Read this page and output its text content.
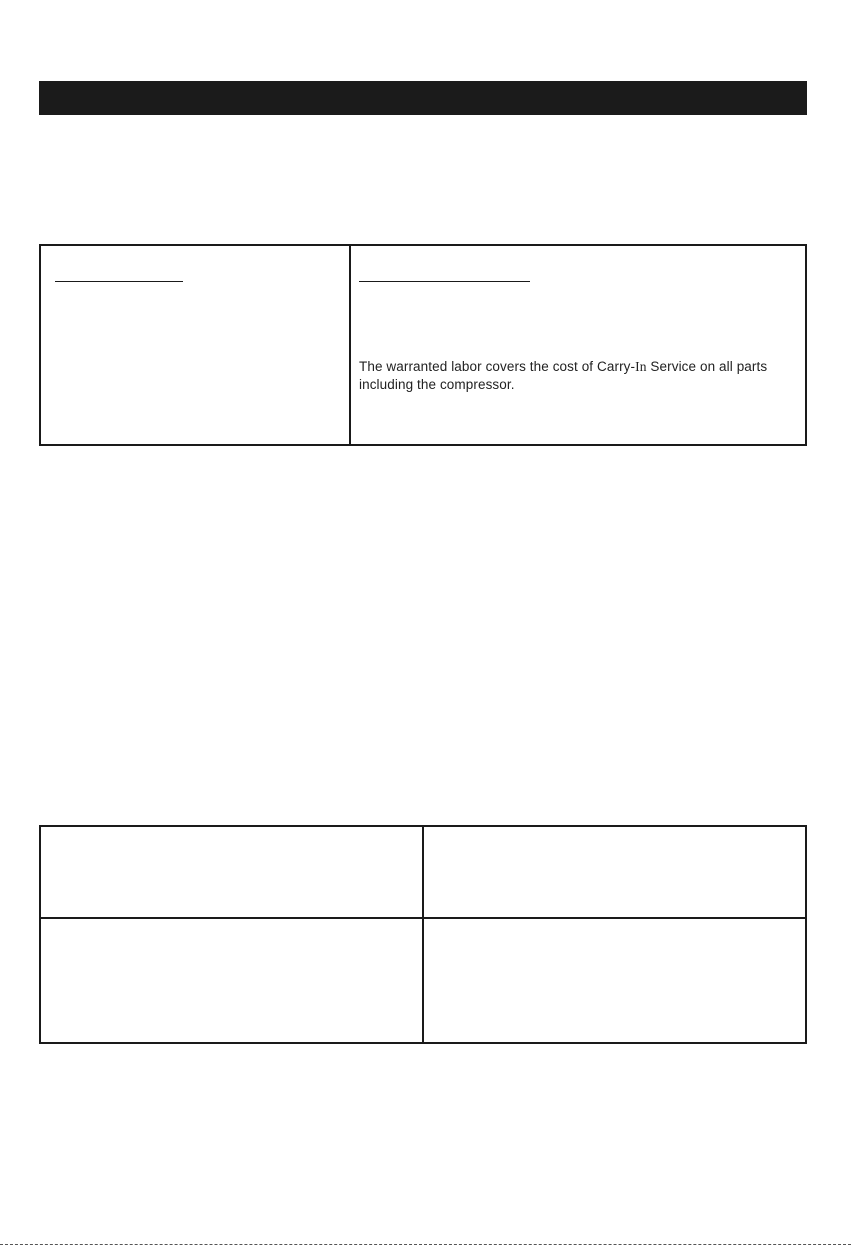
The warranted labor covers the cost of Carry-In Service on all parts including the compressor.
